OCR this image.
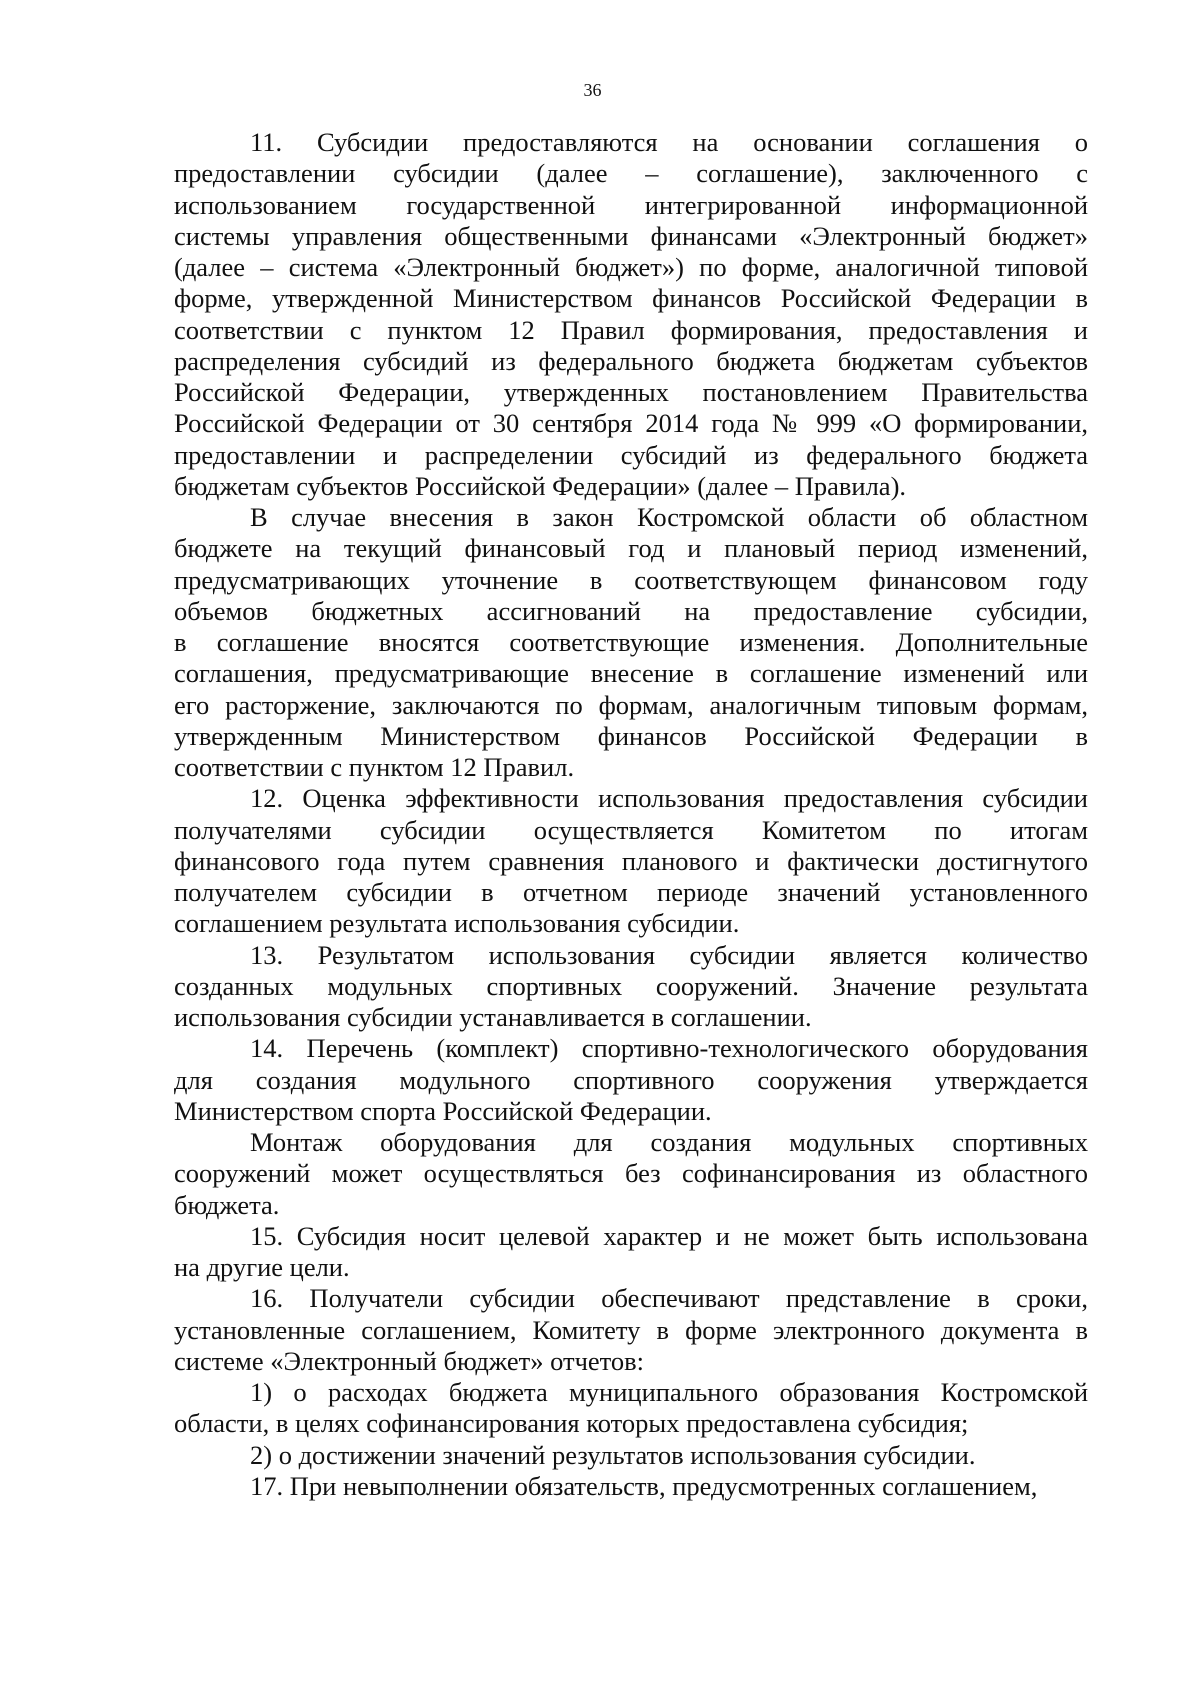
36
11. Субсидии предоставляются на основании соглашения о
предоставлении субсидии (далее – соглашение), заключенного с
использованием государственной интегрированной информационной
системы управления общественными финансами «Электронный бюджет»
(далее – система «Электронный бюджет») по форме, аналогичной типовой
форме, утвержденной Министерством финансов Российской Федерации в
соответствии с пунктом 12 Правил формирования, предоставления и
распределения субсидий из федерального бюджета бюджетам субъектов
Российской Федерации, утвержденных постановлением Правительства
Российской Федерации от 30 сентября 2014 года № 999 «О формировании,
предоставлении и распределении субсидий из федерального бюджета
бюджетам субъектов Российской Федерации» (далее – Правила).
В случае внесения в закон Костромской области об областном
бюджете на текущий финансовый год и плановый период изменений,
предусматривающих уточнение в соответствующем финансовом году
объемов бюджетных ассигнований на предоставление субсидии,
в соглашение вносятся соответствующие изменения. Дополнительные
соглашения, предусматривающие внесение в соглашение изменений или
его расторжение, заключаются по формам, аналогичным типовым формам,
утвержденным Министерством финансов Российской Федерации в
соответствии с пунктом 12 Правил.
12. Оценка эффективности использования предоставления субсидии
получателями субсидии осуществляется Комитетом по итогам
финансового года путем сравнения планового и фактически достигнутого
получателем субсидии в отчетном периоде значений установленного
соглашением результата использования субсидии.
13. Результатом использования субсидии является количество
созданных модульных спортивных сооружений. Значение результата
использования субсидии устанавливается в соглашении.
14. Перечень (комплект) спортивно-технологического оборудования
для создания модульного спортивного сооружения утверждается
Министерством спорта Российской Федерации.
Монтаж оборудования для создания модульных спортивных
сооружений может осуществляться без софинансирования из областного
бюджета.
15. Субсидия носит целевой характер и не может быть использована
на другие цели.
16. Получатели субсидии обеспечивают представление в сроки,
установленные соглашением, Комитету в форме электронного документа в
системе «Электронный бюджет» отчетов:
1) о расходах бюджета муниципального образования Костромской
области, в целях софинансирования которых предоставлена субсидия;
2) о достижении значений результатов использования субсидии.
17. При невыполнении обязательств, предусмотренных соглашением,
